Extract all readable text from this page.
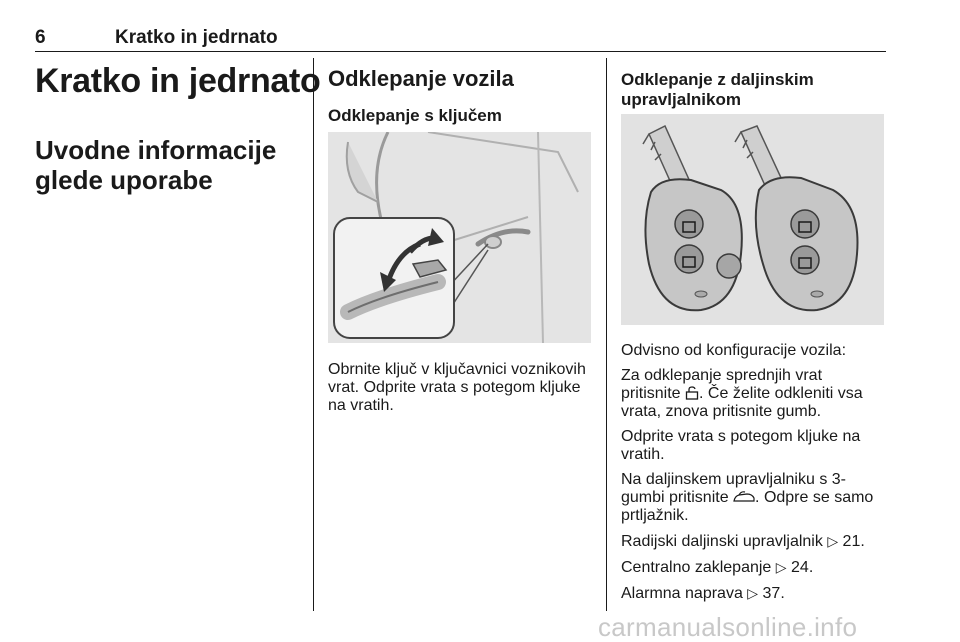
6	Kratko in jedrnato
Kratko in jedrnato
Uvodne informacije glede uporabe
Odklepanje vozila
Odklepanje s ključem
Obrnite ključ v ključavnici voznikovih vrat. Odprite vrata s potegom kljuke na vratih.
Odklepanje z daljinskim upravljalnikom
Odvisno od konfiguracije vozila:
Za odklepanje sprednjih vrat pritisnite . Če želite odkleniti vsa vrata, znova pritisnite gumb.
Odprite vrata s potegom kljuke na vratih.
Na daljinskem upravljalniku s 3-gumbi pritisnite . Odpre se samo prtljažnik.
Radijski daljinski upravljalnik ▷ 21.
Centralno zaklepanje ▷ 24.
Alarmna naprava ▷ 37.
carmanualsonline.info
